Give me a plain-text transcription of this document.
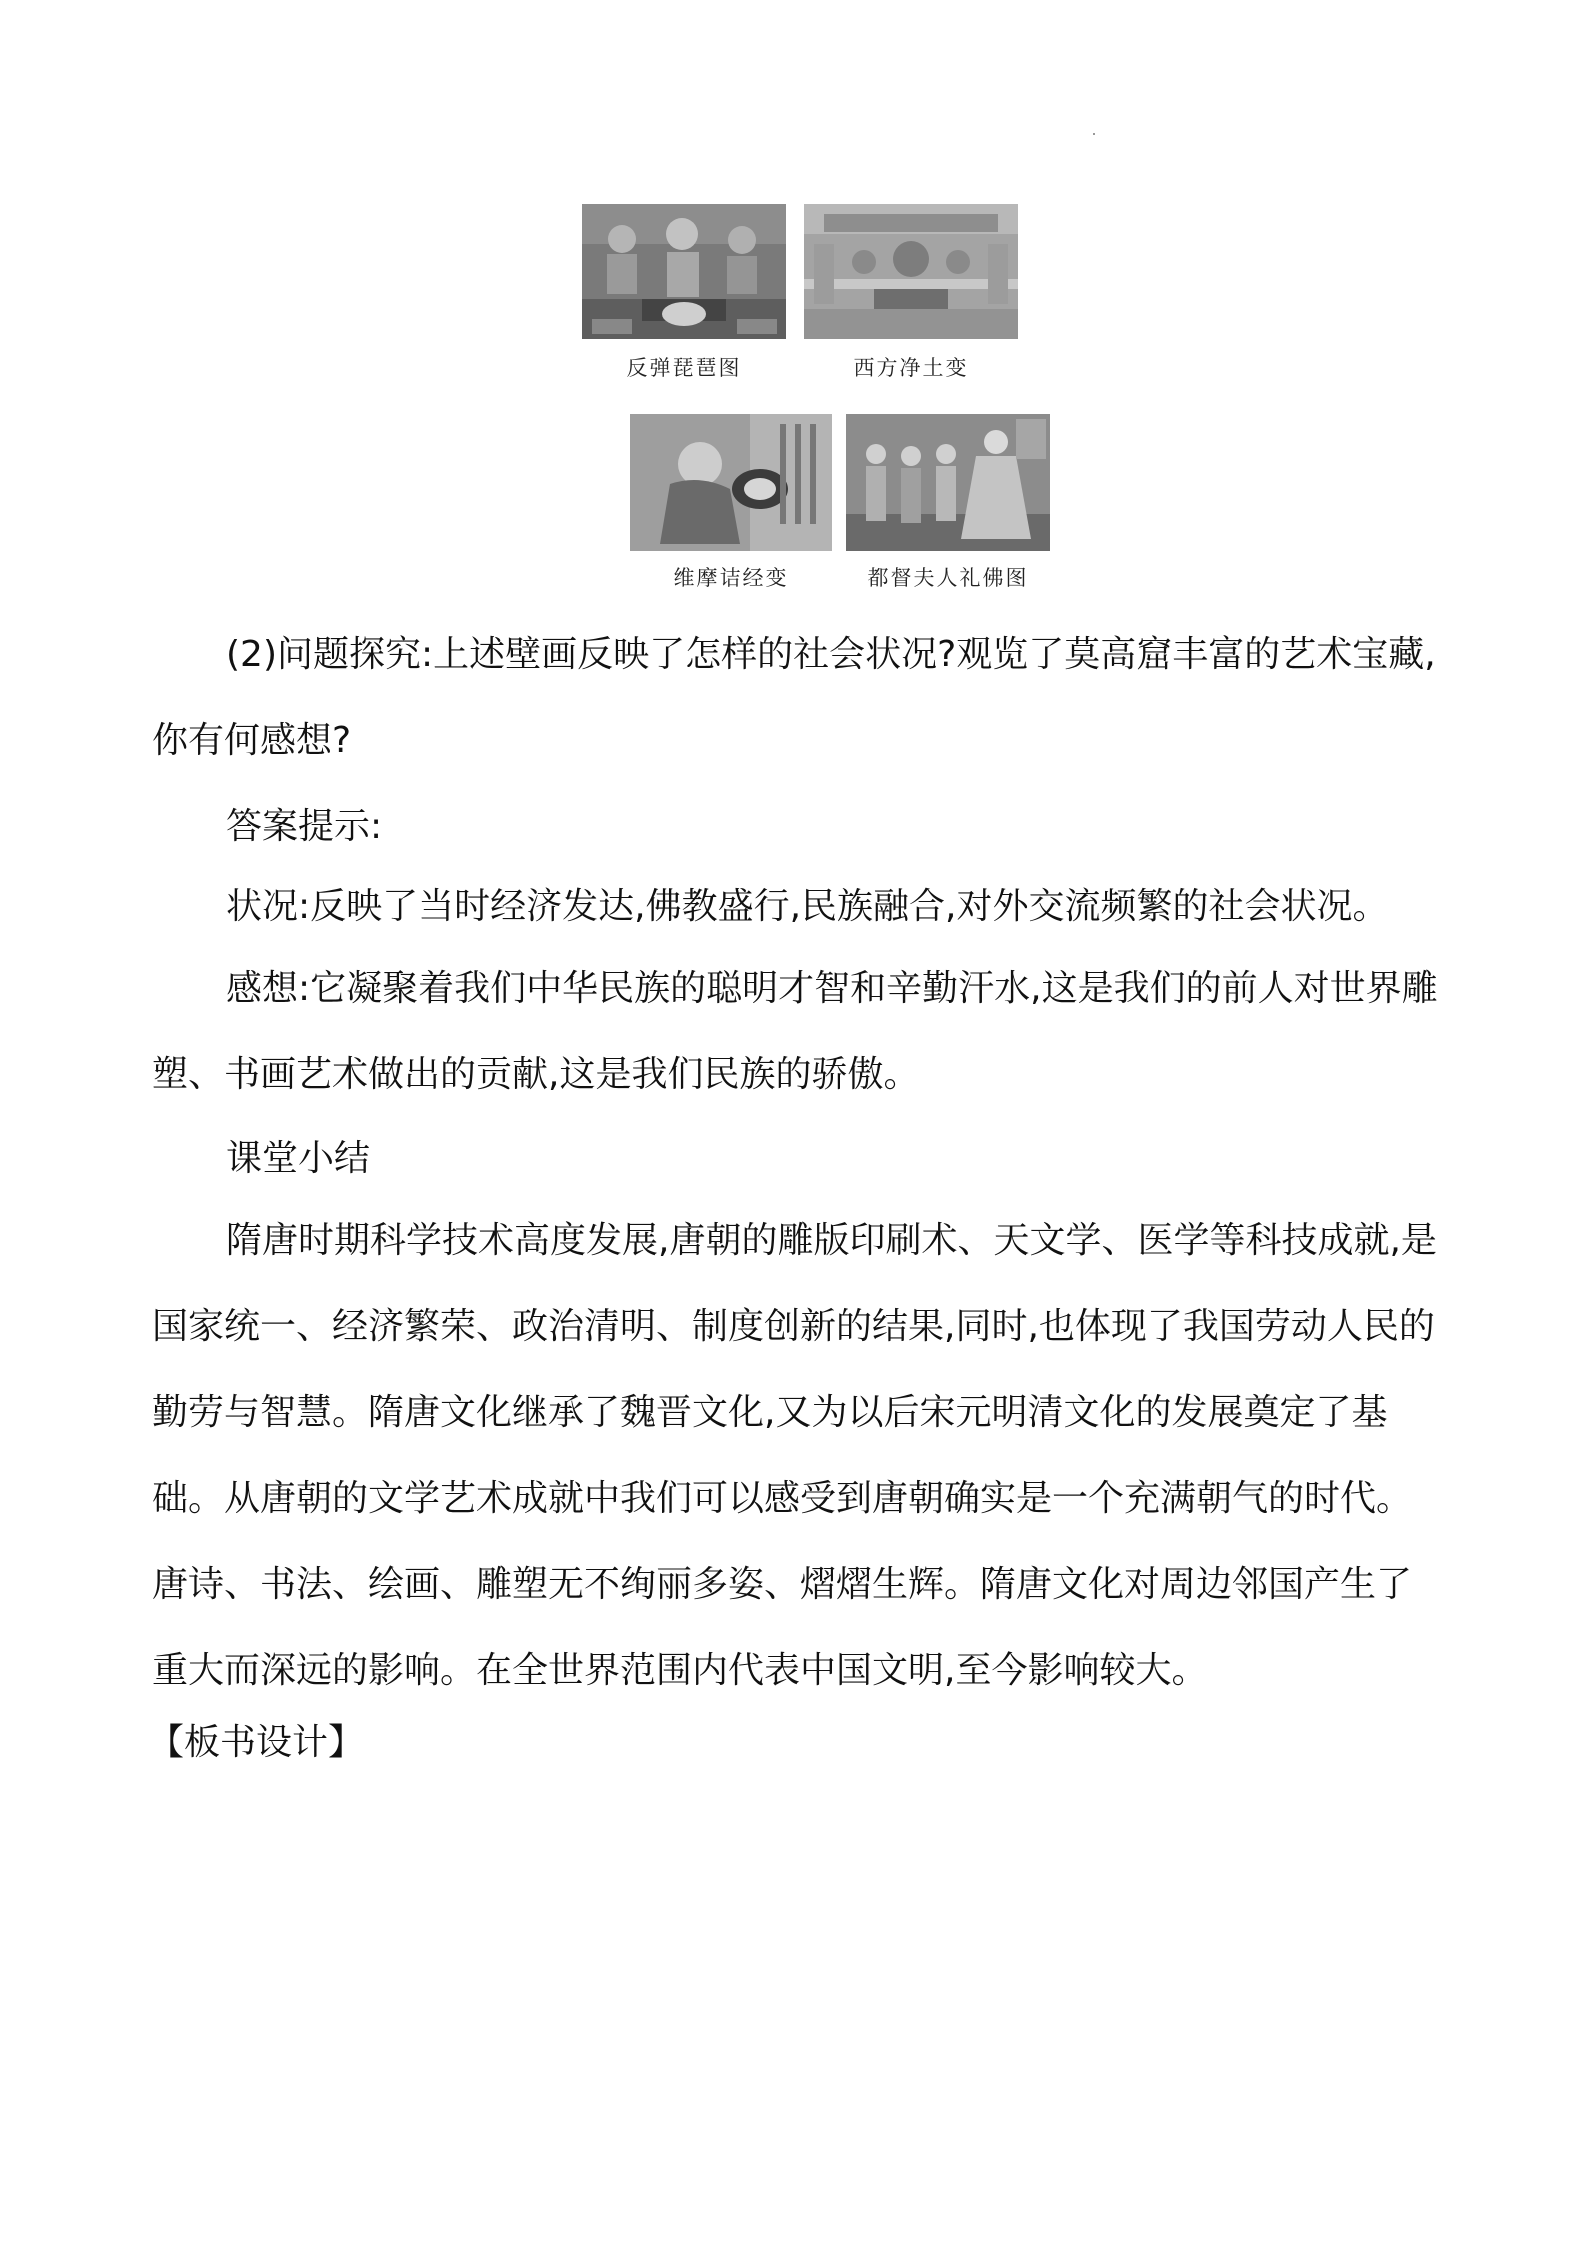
反弹琵琶图	西方净土变
维摩诘经变	都督夫人礼佛图

(2)问题探究:上述壁画反映了怎样的社会状况?观览了莫高窟丰富的艺术宝藏,你有何感想?

答案提示:

状况:反映了当时经济发达,佛教盛行,民族融合,对外交流频繁的社会状况。

感想:它凝聚着我们中华民族的聪明才智和辛勤汗水,这是我们的前人对世界雕塑、书画艺术做出的贡献,这是我们民族的骄傲。

课堂小结

隋唐时期科学技术高度发展,唐朝的雕版印刷术、天文学、医学等科技成就,是国家统一、经济繁荣、政治清明、制度创新的结果,同时,也体现了我国劳动人民的勤劳与智慧。隋唐文化继承了魏晋文化,又为以后宋元明清文化的发展奠定了基础。从唐朝的文学艺术成就中我们可以感受到唐朝确实是一个充满朝气的时代。唐诗、书法、绘画、雕塑无不绚丽多姿、熠熠生辉。隋唐文化对周边邻国产生了重大而深远的影响。在全世界范围内代表中国文明,至今影响较大。

【板书设计】
